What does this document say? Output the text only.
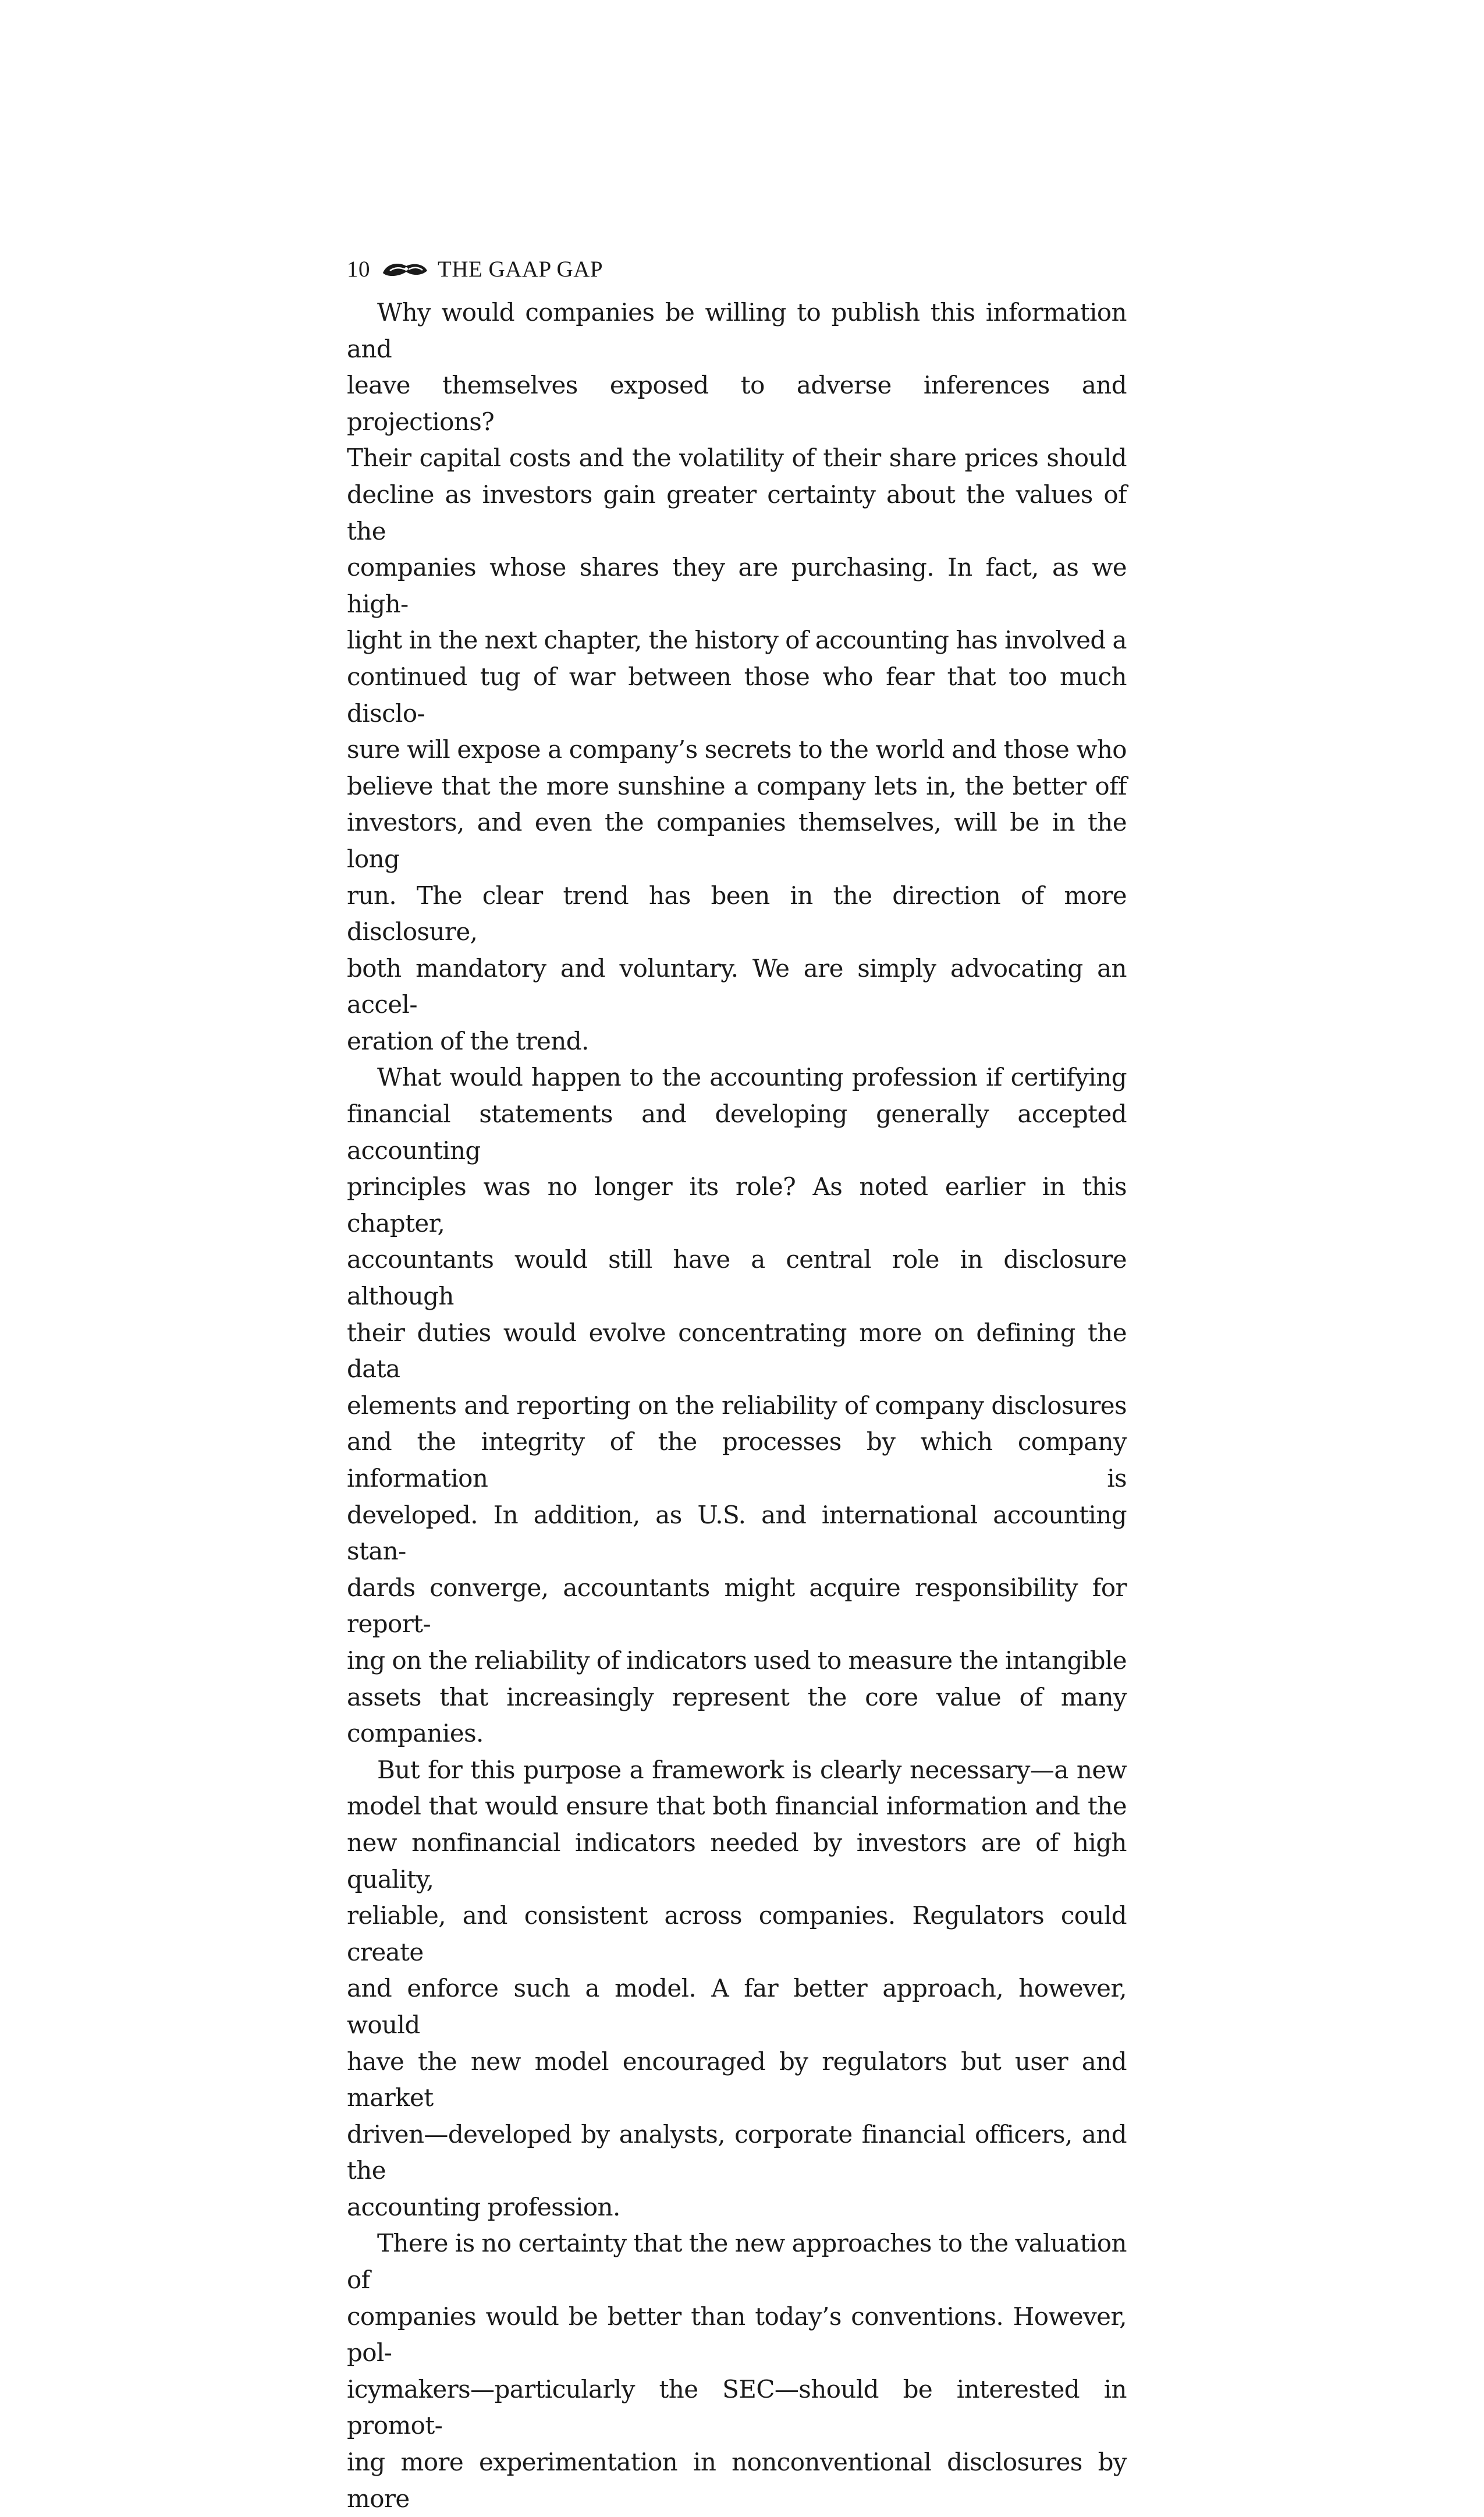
10	THE GAAP GAP

Why would companies be willing to publish this information and
leave themselves exposed to adverse inferences and projections?
Their capital costs and the volatility of their share prices should
decline as investors gain greater certainty about the values of the
companies whose shares they are purchasing. In fact, as we high-
light in the next chapter, the history of accounting has involved a
continued tug of war between those who fear that too much disclo-
sure will expose a company’s secrets to the world and those who
believe that the more sunshine a company lets in, the better off
investors, and even the companies themselves, will be in the long
run. The clear trend has been in the direction of more disclosure,
both mandatory and voluntary. We are simply advocating an accel-
eration of the trend.

What would happen to the accounting profession if certifying
financial statements and developing generally accepted accounting
principles was no longer its role? As noted earlier in this chapter,
accountants would still have a central role in disclosure although
their duties would evolve concentrating more on defining the data
elements and reporting on the reliability of company disclosures
and the integrity of the processes by which company information is
developed. In addition, as U.S. and international accounting stan-
dards converge, accountants might acquire responsibility for report-
ing on the reliability of indicators used to measure the intangible
assets that increasingly represent the core value of many companies.

But for this purpose a framework is clearly necessary—a new
model that would ensure that both financial information and the
new nonfinancial indicators needed by investors are of high quality,
reliable, and consistent across companies. Regulators could create
and enforce such a model. A far better approach, however, would
have the new model encouraged by regulators but user and market
driven—developed by analysts, corporate financial officers, and the
accounting profession.

There is no certainty that the new approaches to the valuation of
companies would be better than today’s conventions. However, pol-
icymakers—particularly the SEC—should be interested in promot-
ing more experimentation in nonconventional disclosures by more
